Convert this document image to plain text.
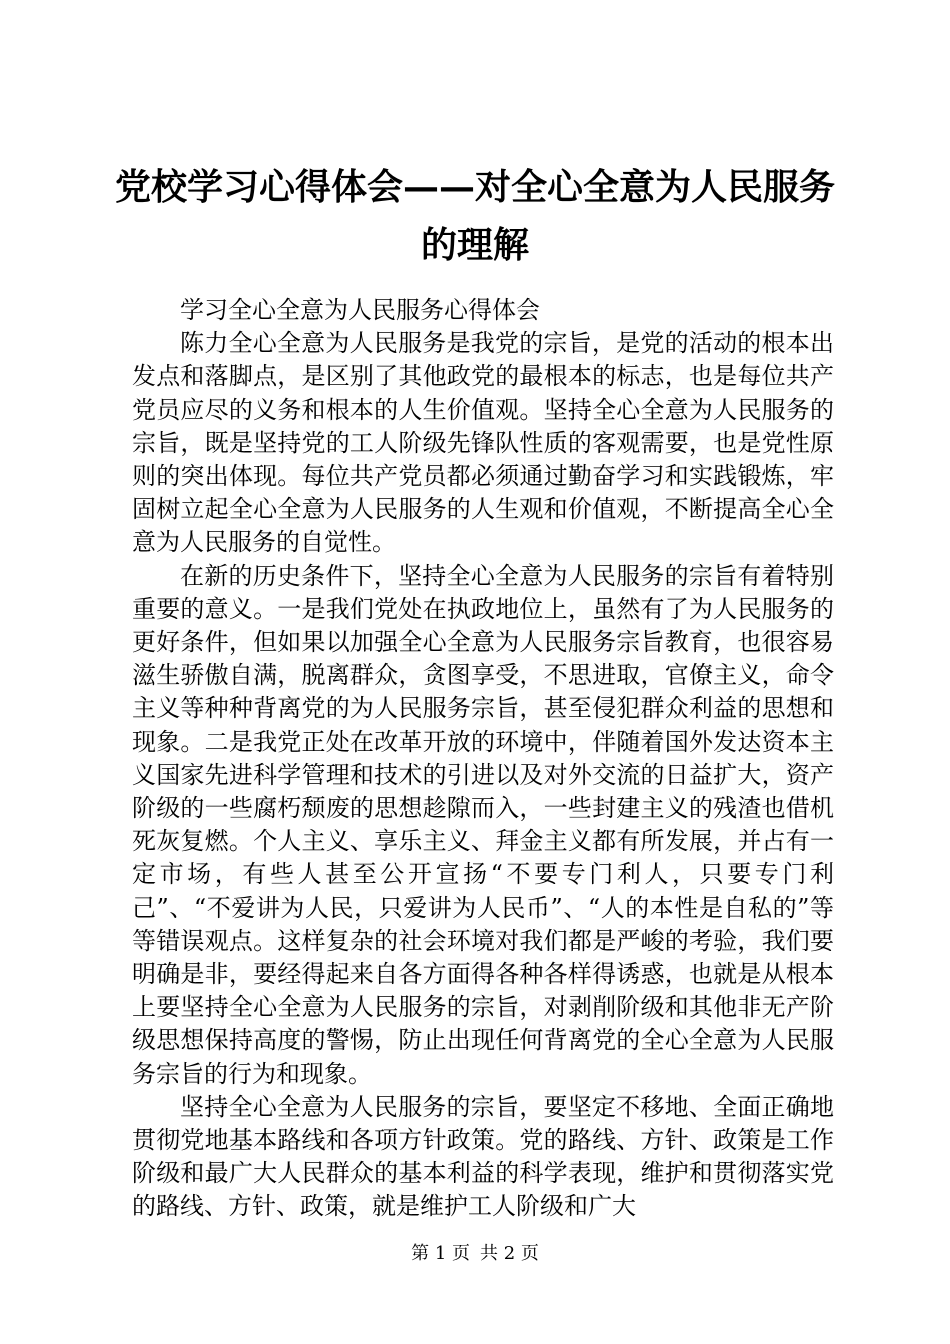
党校学习心得体会——对全心全意为人民服务
的理解

学习全心全意为人民服务心得体会

陈力全心全意为人民服务是我党的宗旨，是党的活动的根本出发点和落脚点，是区别了其他政党的最根本的标志，也是每位共产党员应尽的义务和根本的人生价值观。坚持全心全意为人民服务的宗旨，既是坚持党的工人阶级先锋队性质的客观需要，也是党性原则的突出体现。每位共产党员都必须通过勤奋学习和实践锻炼，牢固树立起全心全意为人民服务的人生观和价值观，不断提高全心全意为人民服务的自觉性。

在新的历史条件下，坚持全心全意为人民服务的宗旨有着特别重要的意义。一是我们党处在执政地位上，虽然有了为人民服务的更好条件，但如果以加强全心全意为人民服务宗旨教育，也很容易滋生骄傲自满，脱离群众，贪图享受，不思进取，官僚主义，命令主义等种种背离党的为人民服务宗旨，甚至侵犯群众利益的思想和现象。二是我党正处在改革开放的环境中，伴随着国外发达资本主义国家先进科学管理和技术的引进以及对外交流的日益扩大，资产阶级的一些腐朽颓废的思想趁隙而入，一些封建主义的残渣也借机死灰复燃。个人主义、享乐主义、拜金主义都有所发展，并占有一定市场，有些人甚至公开宣扬“不要专门利人，只要专门利己”、“不爱讲为人民，只爱讲为人民币”、“人的本性是自私的”等等错误观点。这样复杂的社会环境对我们都是严峻的考验，我们要明确是非，要经得起来自各方面得各种各样得诱惑，也就是从根本上要坚持全心全意为人民服务的宗旨，对剥削阶级和其他非无产阶级思想保持高度的警惕，防止出现任何背离党的全心全意为人民服务宗旨的行为和现象。

坚持全心全意为人民服务的宗旨，要坚定不移地、全面正确地贯彻党地基本路线和各项方针政策。党的路线、方针、政策是工作阶级和最广大人民群众的基本利益的科学表现，维护和贯彻落实党的路线、方针、政策，就是维护工人阶级和广大

第 1 页 共 2 页
